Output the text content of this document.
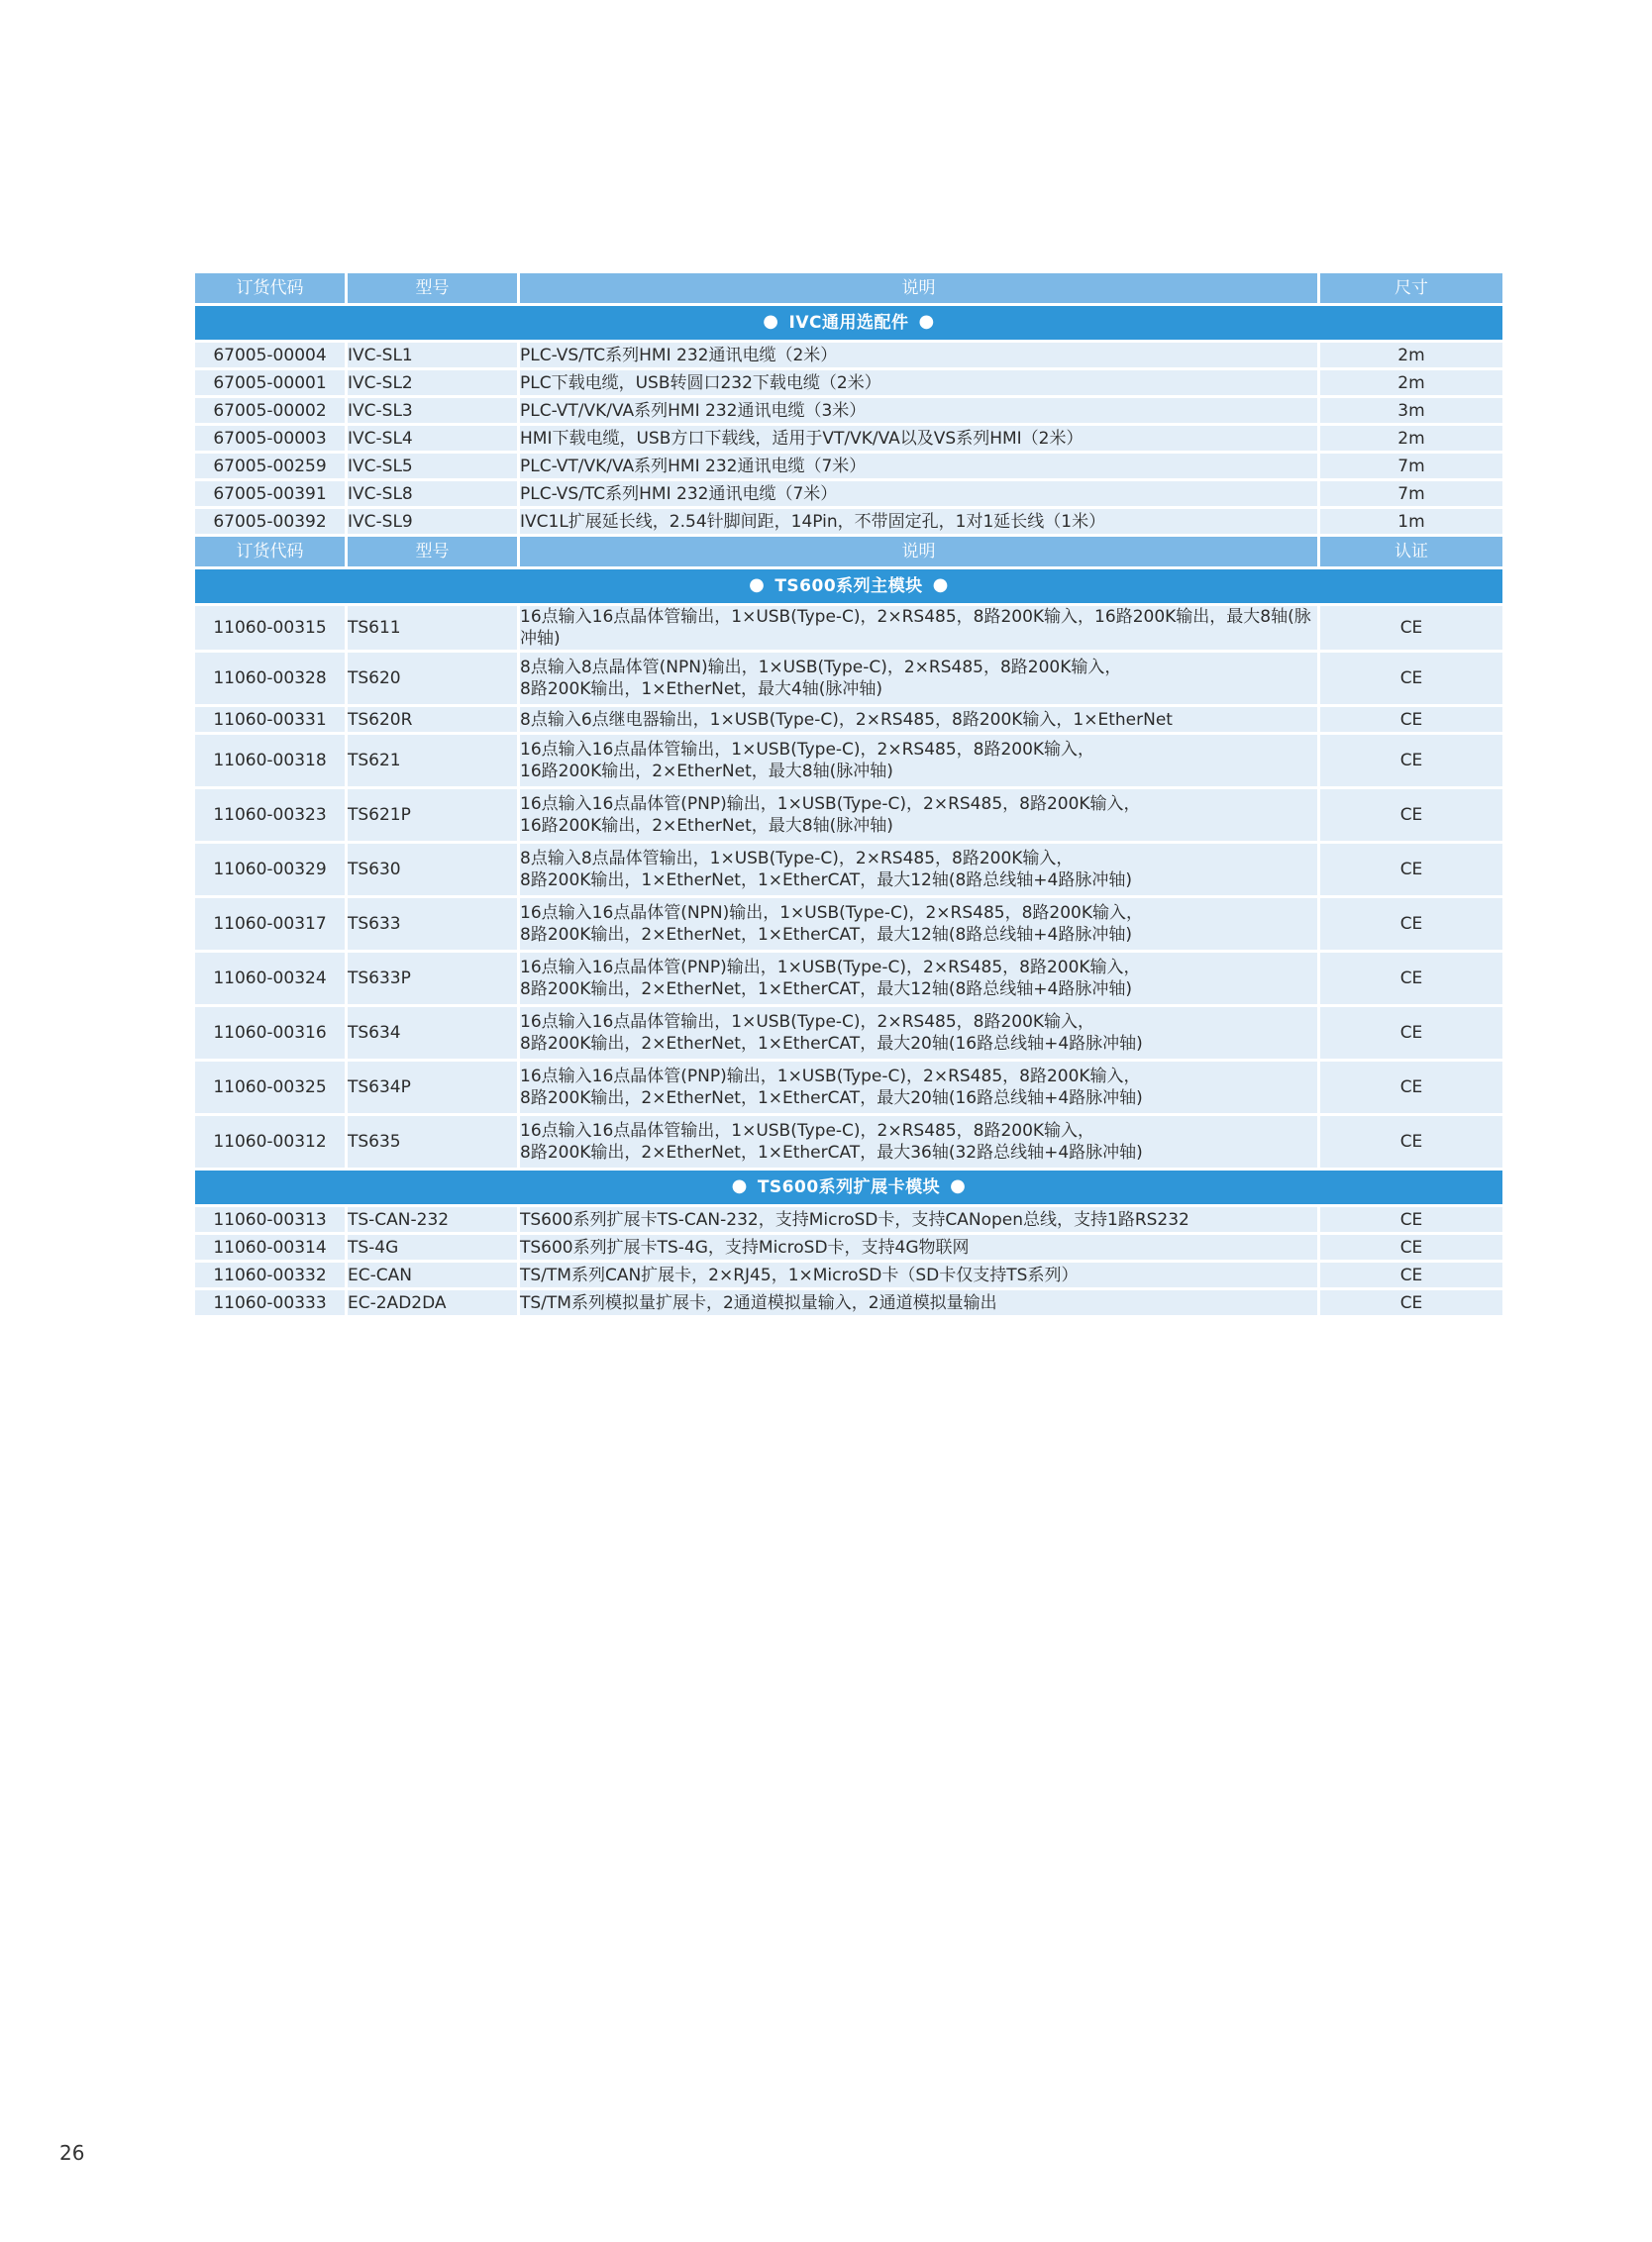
订货代码	型号	说明	尺寸
● IVC通用选配件 ●			
67005-00004	IVC-SL1	PLC-VS/TC系列HMI 232通讯电缆（2米）	2m
67005-00001	IVC-SL2	PLC下载电缆，USB转圆口232下载电缆（2米）	2m
67005-00002	IVC-SL3	PLC-VT/VK/VA系列HMI 232通讯电缆（3米）	3m
67005-00003	IVC-SL4	HMI下载电缆，USB方口下载线，适用于VT/VK/VA以及VS系列HMI（2米）	2m
67005-00259	IVC-SL5	PLC-VT/VK/VA系列HMI 232通讯电缆（7米）	7m
67005-00391	IVC-SL8	PLC-VS/TC系列HMI 232通讯电缆（7米）	7m
67005-00392	IVC-SL9	IVC1L扩展延长线，2.54针脚间距，14Pin，不带固定孔，1对1延长线（1米）	1m
订货代码	型号	说明	认证
● TS600系列主模块 ●			
11060-00315	TS611	16点输入16点晶体管输出，1×USB(Type-C)，2×RS485，8路200K输入，16路200K输出，最大8轴(脉冲轴)	CE
11060-00328	TS620	8点输入8点晶体管(NPN)输出，1×USB(Type-C)，2×RS485，8路200K输入，
8路200K输出，1×EtherNet，最大4轴(脉冲轴)	CE
11060-00331	TS620R	8点输入6点继电器输出，1×USB(Type-C)，2×RS485，8路200K输入，1×EtherNet	CE
11060-00318	TS621	16点输入16点晶体管输出，1×USB(Type-C)，2×RS485，8路200K输入，
16路200K输出，2×EtherNet，最大8轴(脉冲轴)	CE
11060-00323	TS621P	16点输入16点晶体管(PNP)输出，1×USB(Type-C)，2×RS485，8路200K输入，
16路200K输出，2×EtherNet，最大8轴(脉冲轴)	CE
11060-00329	TS630	8点输入8点晶体管输出，1×USB(Type-C)，2×RS485，8路200K输入，
8路200K输出，1×EtherNet，1×EtherCAT，最大12轴(8路总线轴+4路脉冲轴)	CE
11060-00317	TS633	16点输入16点晶体管(NPN)输出，1×USB(Type-C)，2×RS485，8路200K输入，
8路200K输出，2×EtherNet，1×EtherCAT，最大12轴(8路总线轴+4路脉冲轴)	CE
11060-00324	TS633P	16点输入16点晶体管(PNP)输出，1×USB(Type-C)，2×RS485，8路200K输入，
8路200K输出，2×EtherNet，1×EtherCAT，最大12轴(8路总线轴+4路脉冲轴)	CE
11060-00316	TS634	16点输入16点晶体管输出，1×USB(Type-C)，2×RS485，8路200K输入，
8路200K输出，2×EtherNet，1×EtherCAT，最大20轴(16路总线轴+4路脉冲轴)	CE
11060-00325	TS634P	16点输入16点晶体管(PNP)输出，1×USB(Type-C)，2×RS485，8路200K输入，
8路200K输出，2×EtherNet，1×EtherCAT，最大20轴(16路总线轴+4路脉冲轴)	CE
11060-00312	TS635	16点输入16点晶体管输出，1×USB(Type-C)，2×RS485，8路200K输入，
8路200K输出，2×EtherNet，1×EtherCAT，最大36轴(32路总线轴+4路脉冲轴)	CE
● TS600系列扩展卡模块 ●			
11060-00313	TS-CAN-232	TS600系列扩展卡TS-CAN-232，支持MicroSD卡，支持CANopen总线，支持1路RS232	CE
11060-00314	TS-4G	TS600系列扩展卡TS-4G，支持MicroSD卡，支持4G物联网	CE
11060-00332	EC-CAN	TS/TM系列CAN扩展卡，2×RJ45，1×MicroSD卡（SD卡仅支持TS系列）	CE
11060-00333	EC-2AD2DA	TS/TM系列模拟量扩展卡，2通道模拟量输入，2通道模拟量输出	CE
26
